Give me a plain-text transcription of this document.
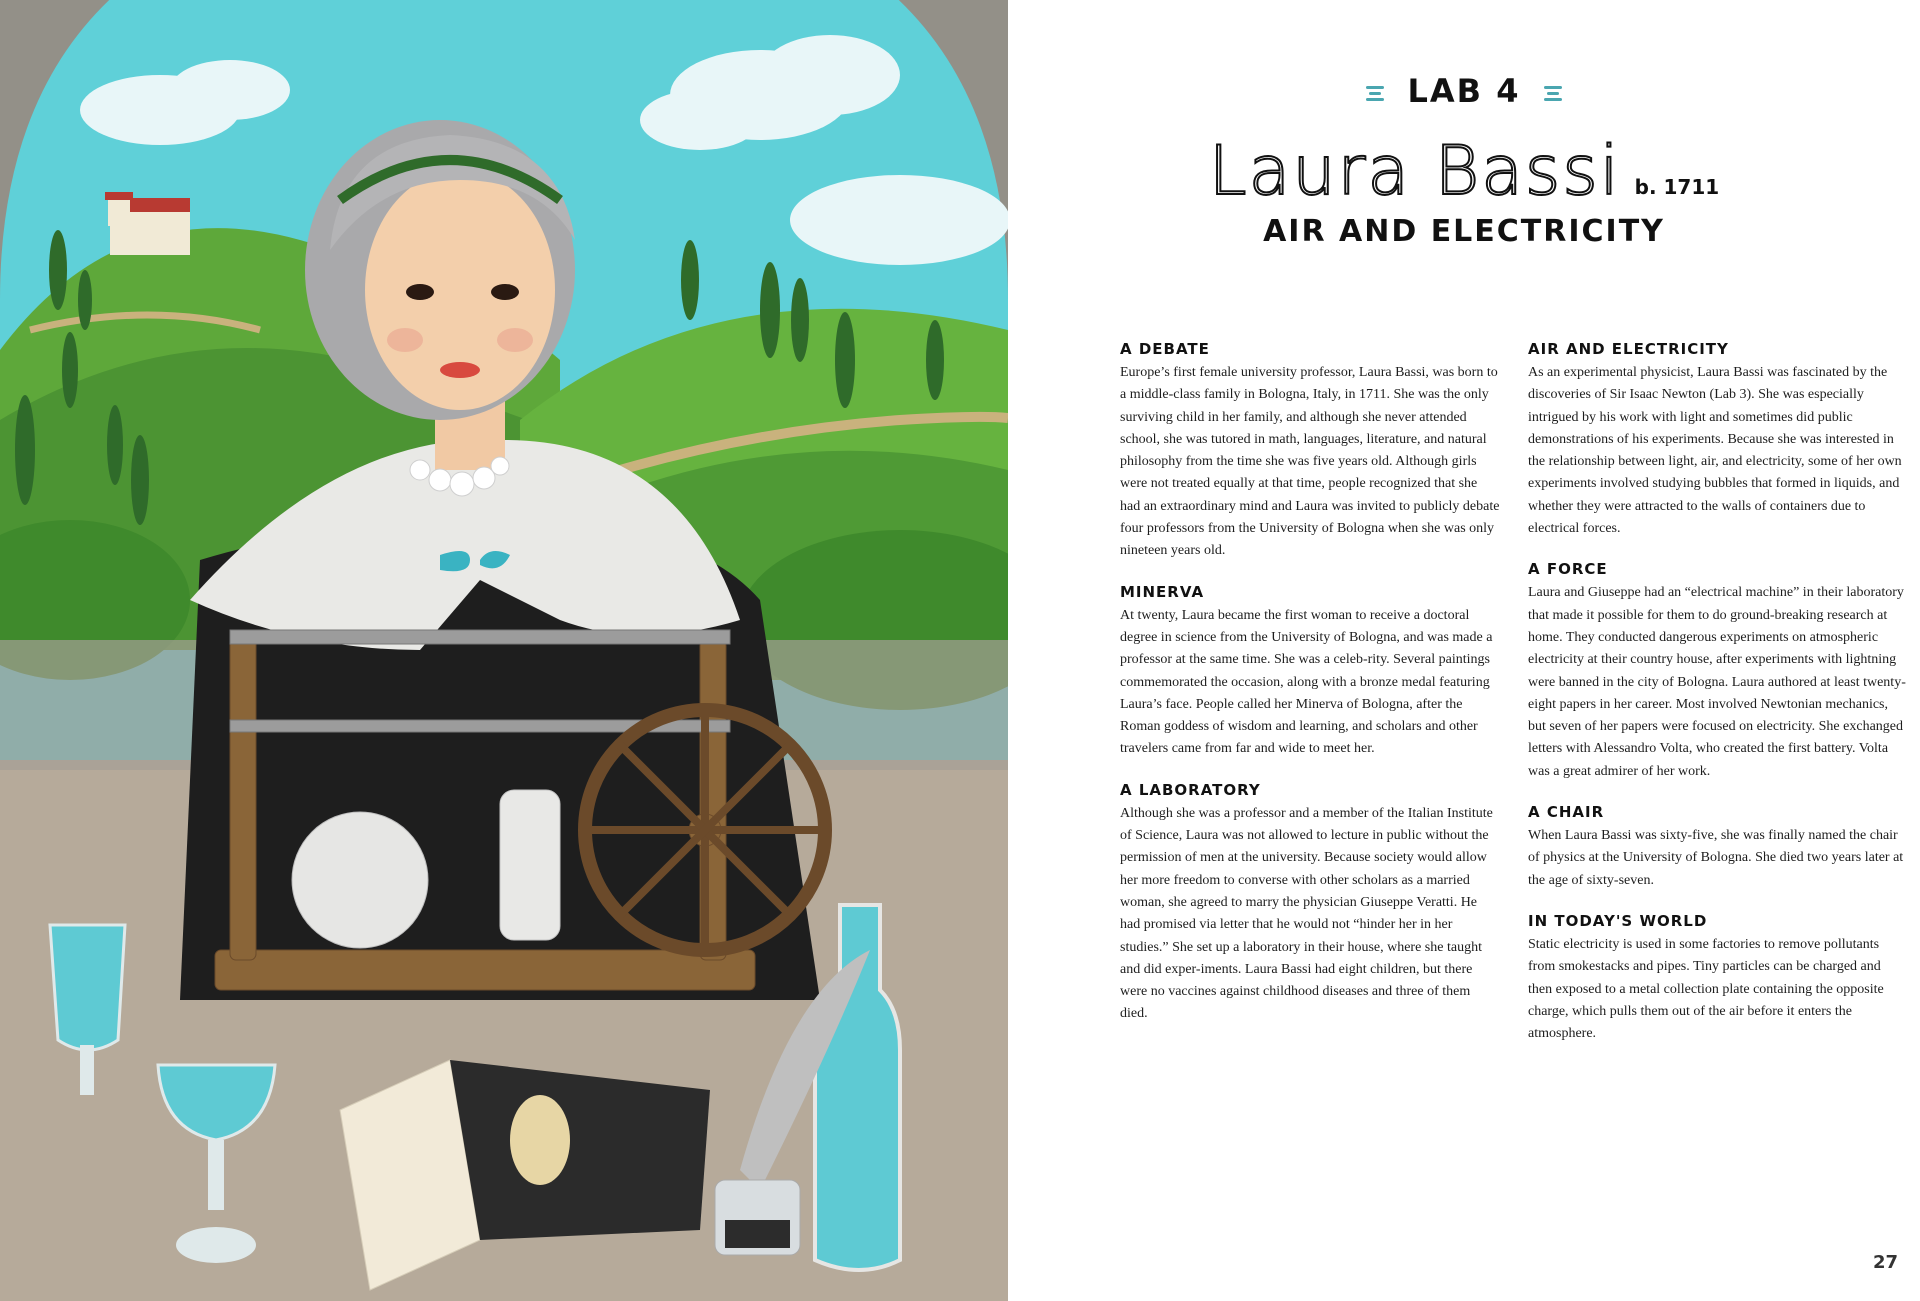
LAB 4
Laura Bassi b. 1711
AIR AND ELECTRICITY

A DEBATE

Europe’s first female university professor, Laura Bassi, was born to a middle-class family in Bologna, Italy, in 1711. She was the only surviving child in her family, and although she never attended school, she was tutored in math, languages, literature, and natural philosophy from the time she was five years old. Although girls were not treated equally at that time, people recognized that she had an extraordinary mind and Laura was invited to publicly debate four professors from the University of Bologna when she was only nineteen years old.

MINERVA

At twenty, Laura became the first woman to receive a doctoral degree in science from the University of Bologna, and was made a professor at the same time. She was a celeb-rity. Several paintings commemorated the occasion, along with a bronze medal featuring Laura’s face. People called her Minerva of Bologna, after the Roman goddess of wisdom and learning, and scholars and other travelers came from far and wide to meet her.

A LABORATORY

Although she was a professor and a member of the Italian Institute of Science, Laura was not allowed to lecture in public without the permission of men at the university. Because society would allow her more freedom to converse with other scholars as a married woman, she agreed to marry the physician Giuseppe Veratti. He had promised via letter that he would not “hinder her in her studies.” She set up a laboratory in their house, where she taught and did exper-iments. Laura Bassi had eight children, but there were no vaccines against childhood diseases and three of them died.

AIR AND ELECTRICITY

As an experimental physicist, Laura Bassi was fascinated by the discoveries of Sir Isaac Newton (Lab 3). She was especially intrigued by his work with light and sometimes did public demonstrations of his experiments. Because she was interested in the relationship between light, air, and electricity, some of her own experiments involved studying bubbles that formed in liquids, and whether they were attracted to the walls of containers due to electrical forces.

A FORCE

Laura and Giuseppe had an “electrical machine” in their laboratory that made it possible for them to do ground-breaking research at home. They conducted dangerous experiments on atmospheric electricity at their country house, after experiments with lightning were banned in the city of Bologna. Laura authored at least twenty-eight papers in her career. Most involved Newtonian mechanics, but seven of her papers were focused on electricity. She exchanged letters with Alessandro Volta, who created the first battery. Volta was a great admirer of her work.

A CHAIR

When Laura Bassi was sixty-five, she was finally named the chair of physics at the University of Bologna. She died two years later at the age of sixty-seven.

IN TODAY'S WORLD

Static electricity is used in some factories to remove pollutants from smokestacks and pipes. Tiny particles can be charged and then exposed to a metal collection plate containing the opposite charge, which pulls them out of the air before it enters the atmosphere.

27
